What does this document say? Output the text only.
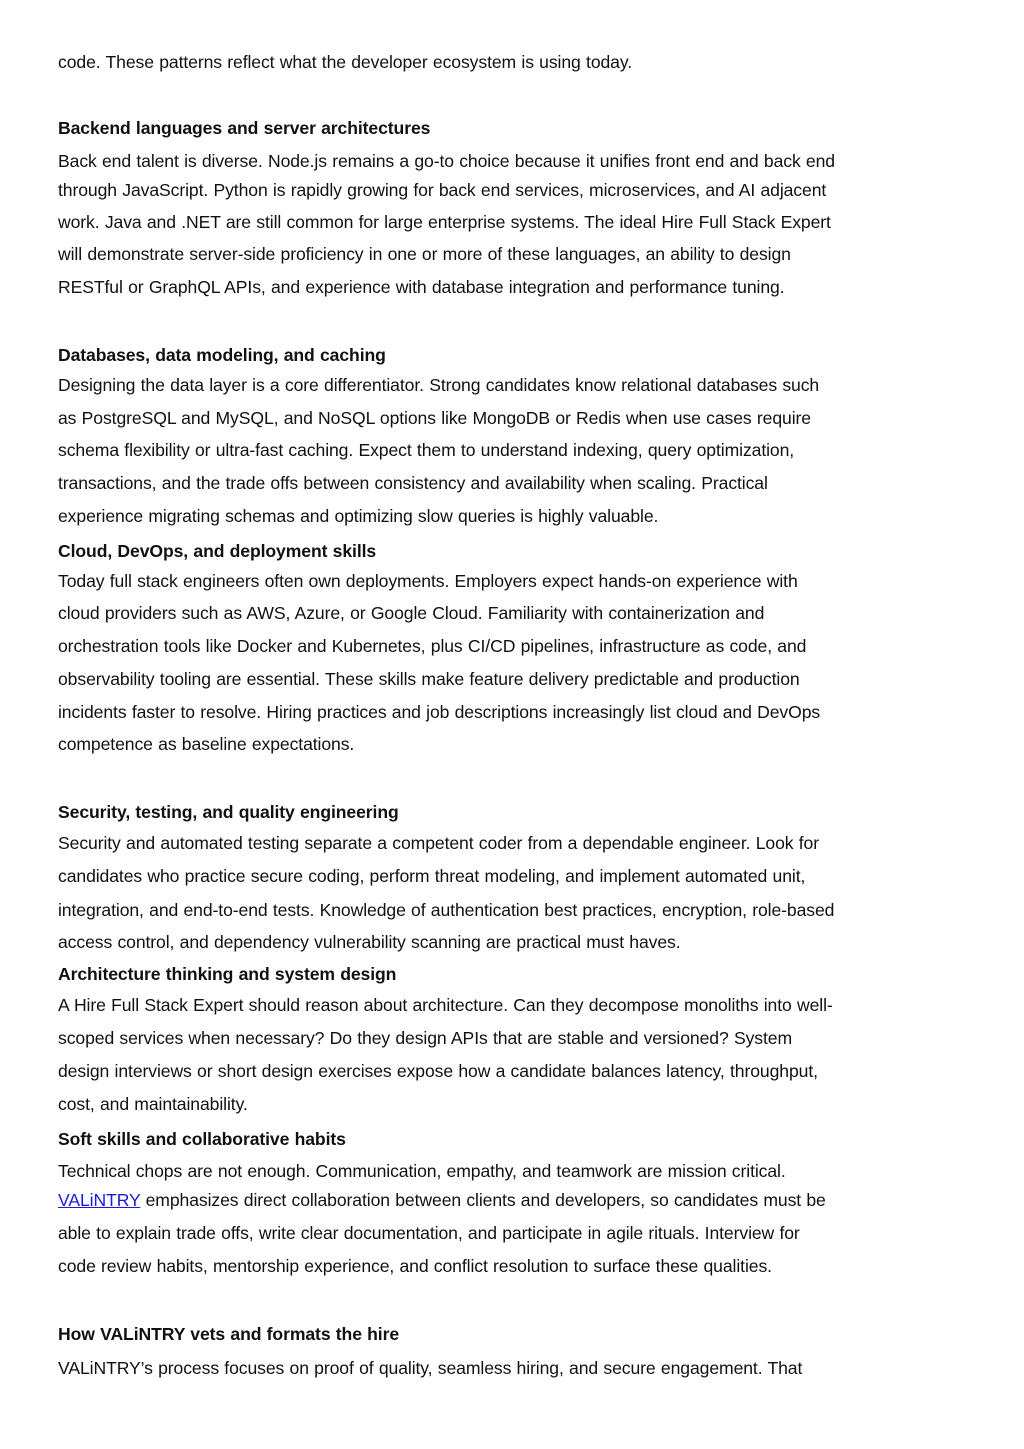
code. These patterns reflect what the developer ecosystem is using today.
Backend languages and server architectures
Back end talent is diverse. Node.js remains a go-to choice because it unifies front end and back end
through JavaScript. Python is rapidly growing for back end services, microservices, and AI adjacent
work. Java and .NET are still common for large enterprise systems. The ideal Hire Full Stack Expert
will demonstrate server-side proficiency in one or more of these languages, an ability to design
RESTful or GraphQL APIs, and experience with database integration and performance tuning.
Databases, data modeling, and caching
Designing the data layer is a core differentiator. Strong candidates know relational databases such
as PostgreSQL and MySQL, and NoSQL options like MongoDB or Redis when use cases require
schema flexibility or ultra-fast caching. Expect them to understand indexing, query optimization,
transactions, and the trade offs between consistency and availability when scaling. Practical
experience migrating schemas and optimizing slow queries is highly valuable.
Cloud, DevOps, and deployment skills
Today full stack engineers often own deployments. Employers expect hands-on experience with
cloud providers such as AWS, Azure, or Google Cloud. Familiarity with containerization and
orchestration tools like Docker and Kubernetes, plus CI/CD pipelines, infrastructure as code, and
observability tooling are essential. These skills make feature delivery predictable and production
incidents faster to resolve. Hiring practices and job descriptions increasingly list cloud and DevOps
competence as baseline expectations.
Security, testing, and quality engineering
Security and automated testing separate a competent coder from a dependable engineer. Look for
candidates who practice secure coding, perform threat modeling, and implement automated unit,
integration, and end-to-end tests. Knowledge of authentication best practices, encryption, role-based
access control, and dependency vulnerability scanning are practical must haves.
Architecture thinking and system design
A Hire Full Stack Expert should reason about architecture. Can they decompose monoliths into well-
scoped services when necessary? Do they design APIs that are stable and versioned? System
design interviews or short design exercises expose how a candidate balances latency, throughput,
cost, and maintainability.
Soft skills and collaborative habits
Technical chops are not enough. Communication, empathy, and teamwork are mission critical.
VALiNTRY emphasizes direct collaboration between clients and developers, so candidates must be
able to explain trade offs, write clear documentation, and participate in agile rituals. Interview for
code review habits, mentorship experience, and conflict resolution to surface these qualities.
How VALiNTRY vets and formats the hire
VALiNTRY’s process focuses on proof of quality, seamless hiring, and secure engagement. That
